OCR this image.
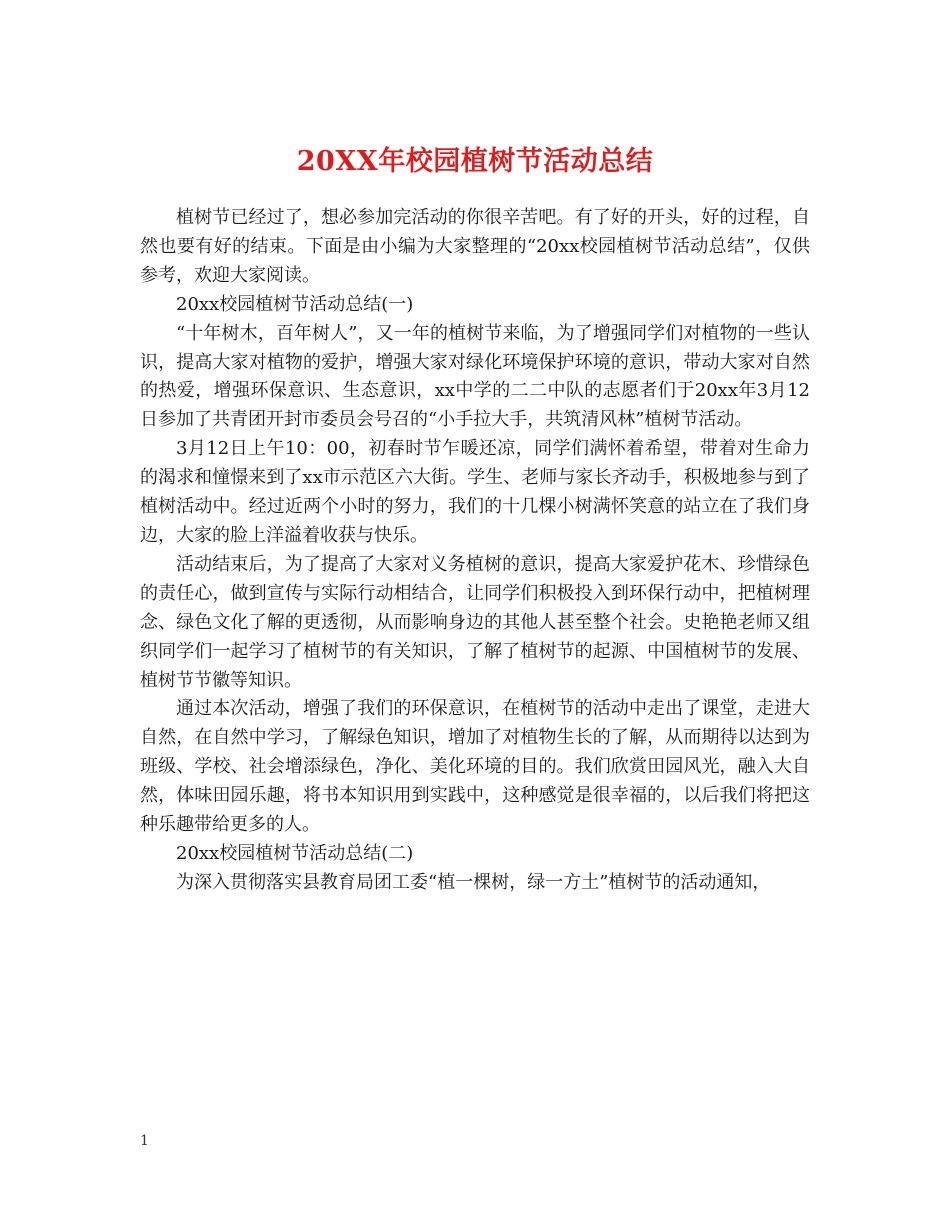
20XX年校园植树节活动总结

植树节已经过了，想必参加完活动的你很辛苦吧。有了好的开头，好的过程，自然也要有好的结束。下面是由小编为大家整理的“20xx校园植树节活动总结”，仅供参考，欢迎大家阅读。

20xx校园植树节活动总结(一)

“十年树木，百年树人”，又一年的植树节来临，为了增强同学们对植物的一些认识，提高大家对植物的爱护，增强大家对绿化环境保护环境的意识，带动大家对自然的热爱，增强环保意识、生态意识，xx中学的二二中队的志愿者们于20xx年3月12日参加了共青团开封市委员会号召的“小手拉大手，共筑清风林”植树节活动。

3月12日上午10：00，初春时节乍暖还凉，同学们满怀着希望，带着对生命力的渴求和憧憬来到了xx市示范区六大街。学生、老师与家长齐动手，积极地参与到了植树活动中。经过近两个小时的努力，我们的十几棵小树满怀笑意的站立在了我们身边，大家的脸上洋溢着收获与快乐。

活动结束后，为了提高了大家对义务植树的意识，提高大家爱护花木、珍惜绿色的责任心，做到宣传与实际行动相结合，让同学们积极投入到环保行动中，把植树理念、绿色文化了解的更透彻，从而影响身边的其他人甚至整个社会。史艳艳老师又组织同学们一起学习了植树节的有关知识，了解了植树节的起源、中国植树节的发展、植树节节徽等知识。

通过本次活动，增强了我们的环保意识，在植树节的活动中走出了课堂，走进大自然，在自然中学习，了解绿色知识，增加了对植物生长的了解，从而期待以达到为班级、学校、社会增添绿色，净化、美化环境的目的。我们欣赏田园风光，融入大自然，体味田园乐趣，将书本知识用到实践中，这种感觉是很幸福的，以后我们将把这种乐趣带给更多的人。

20xx校园植树节活动总结(二)

为深入贯彻落实县教育局团工委“植一棵树，绿一方土”植树节的活动通知，

1
